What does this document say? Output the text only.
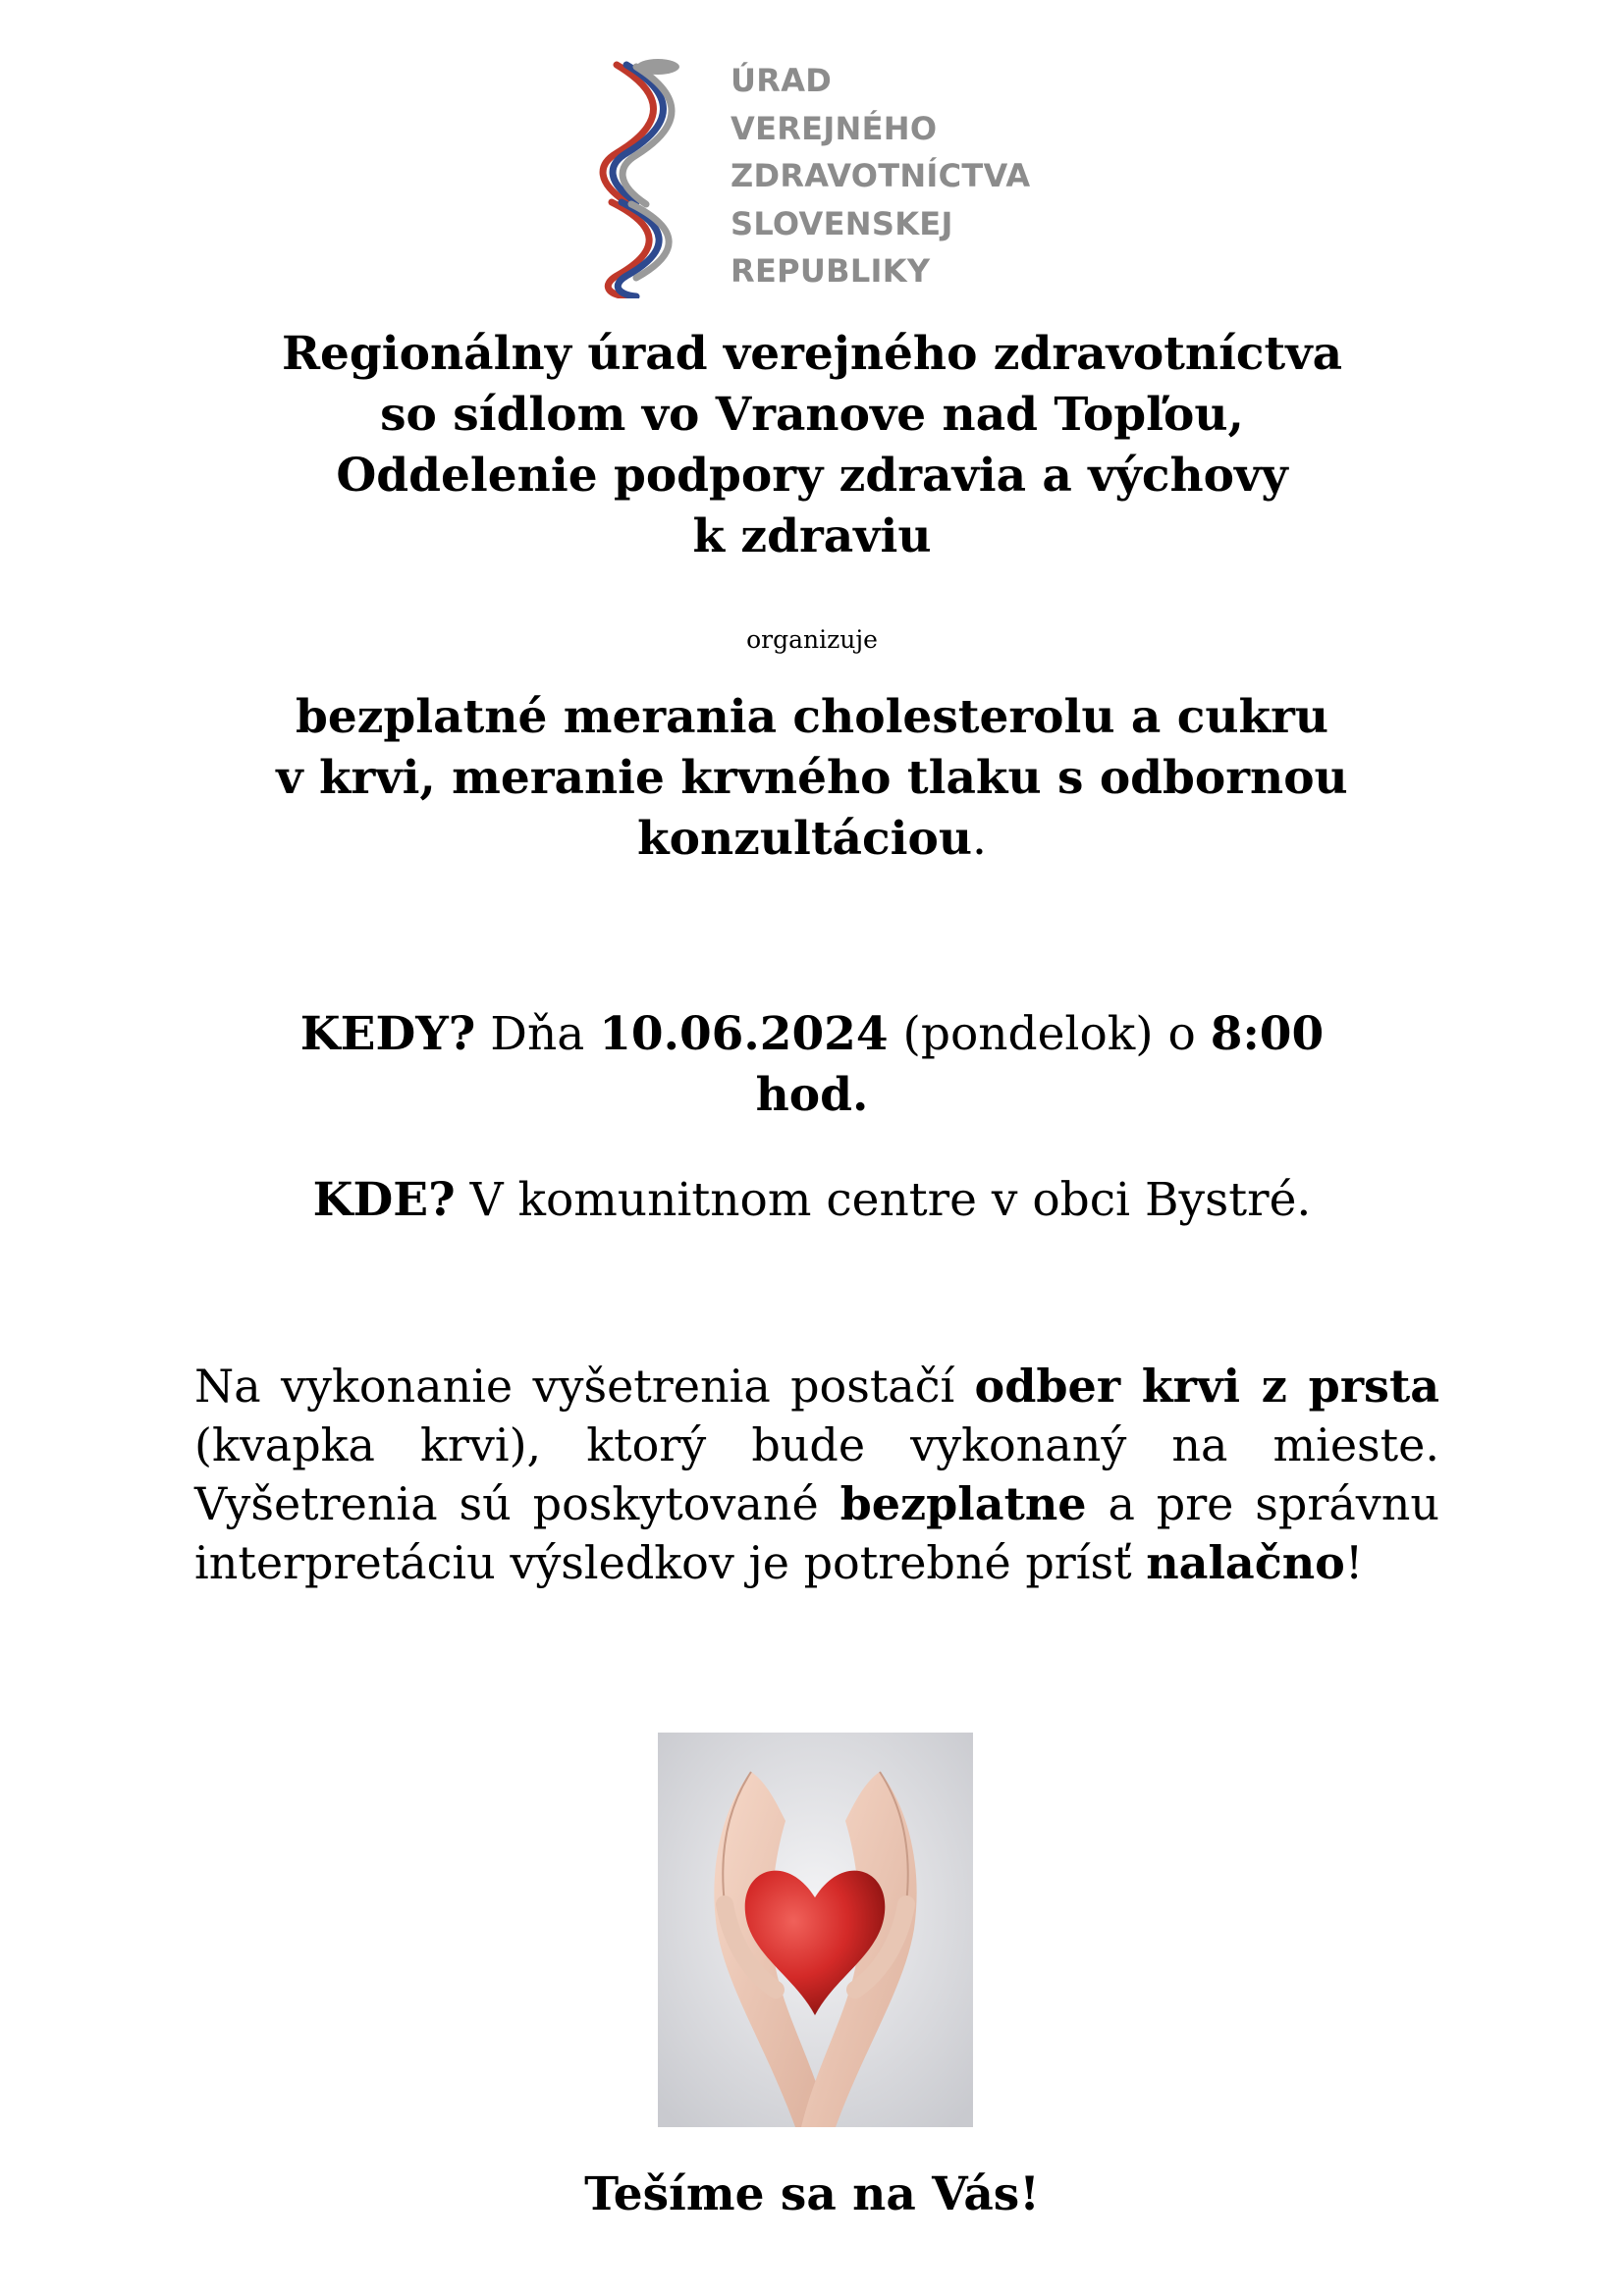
ÚRAD
VEREJNÉHO
ZDRAVOTNÍCTVA
SLOVENSKEJ
REPUBLIKY
Regionálny úrad verejného zdravotníctva
so sídlom vo Vranove nad Topľou,
Oddelenie podpory zdravia a výchovy
k zdraviu
organizuje
bezplatné merania cholesterolu a cukru
v krvi, meranie krvného tlaku s odbornou
konzultáciou.
KEDY? Dňa 10.06.2024 (pondelok) o 8:00
hod.
KDE? V komunitnom centre v obci Bystré.
Na vykonanie vyšetrenia postačí odber krvi z prsta (kvapka krvi), ktorý bude vykonaný na mieste. Vyšetrenia sú poskytované bezplatne a pre správnu interpretáciu výsledkov je potrebné prísť nalačno!
Tešíme sa na Vás!
